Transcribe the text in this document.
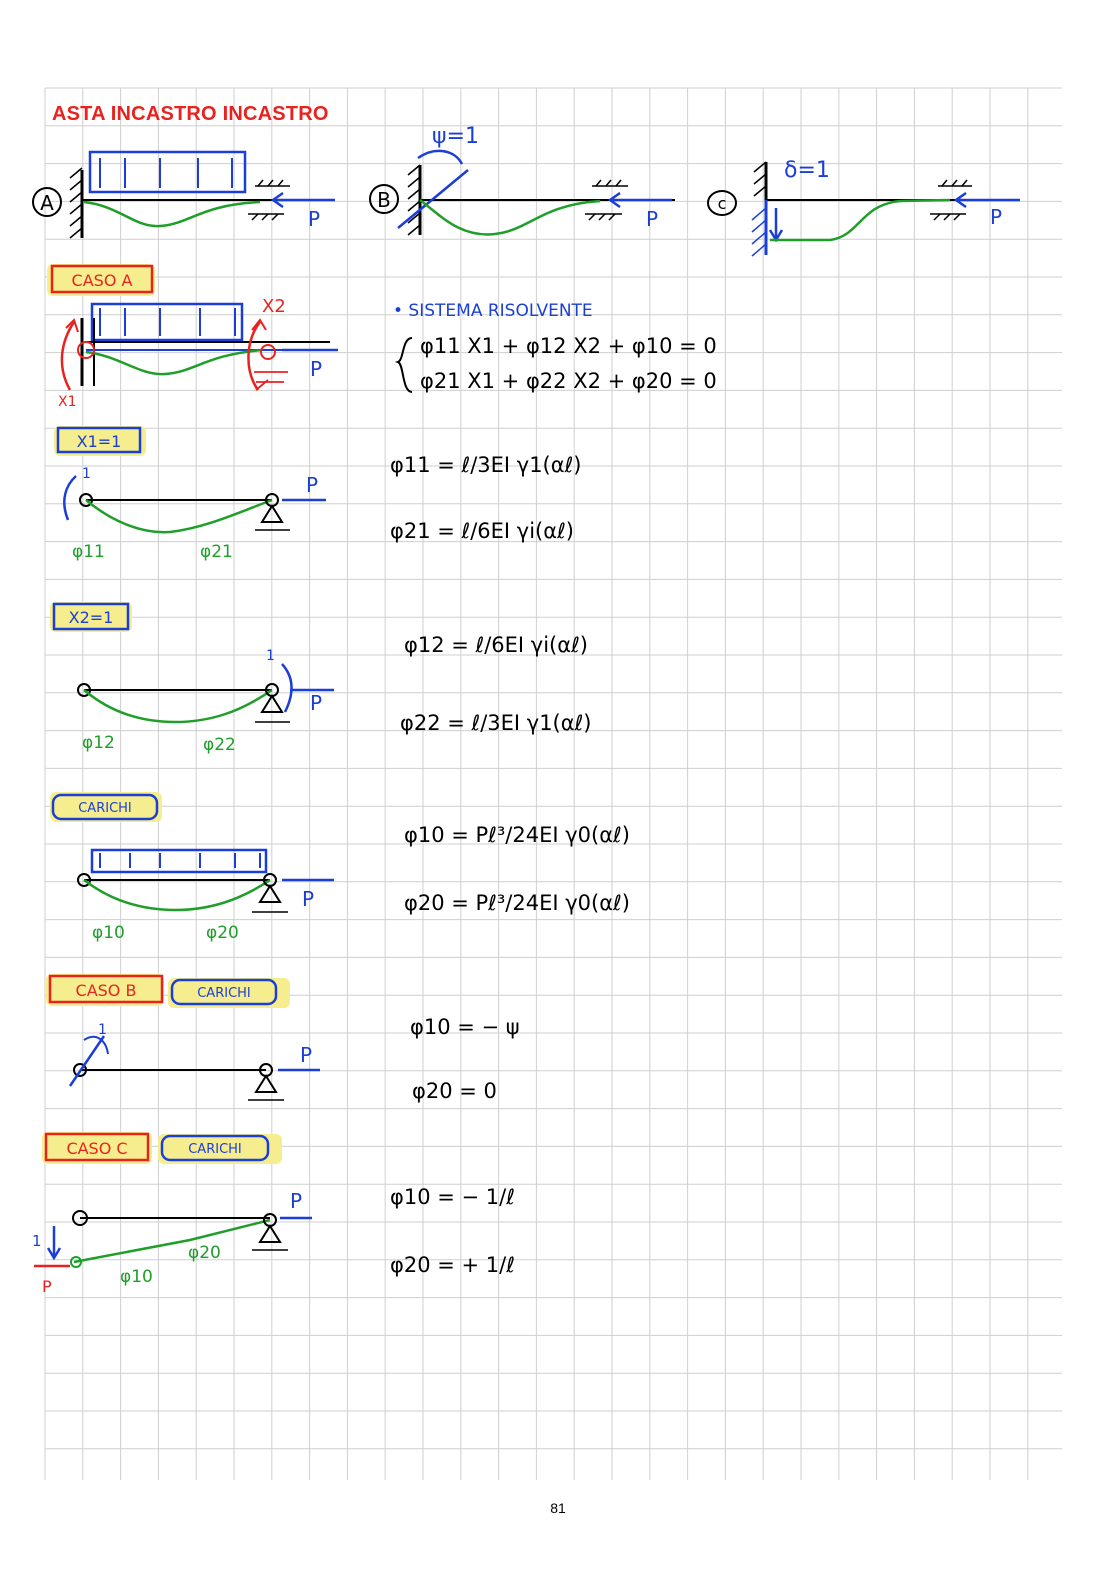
A
P
B
ψ=1
P
c
δ=1
P
CASO A
X1
X2
P
• SISTEMA RISOLVENTE
φ11 X1 + φ12 X2 + φ10 = 0
φ21 X1 + φ22 X2 + φ20 = 0
X1=1
1	P
φ11	φ21
φ11 = ℓ/3EI γ1(αℓ)
φ21 = ℓ/6EI γi(αℓ)
X2=1
1
P
φ12	φ22
φ12 = ℓ/6EI γi(αℓ)
φ22 = ℓ/3EI γ1(αℓ)
CARICHI
P
φ10	φ20
φ10 = Pℓ³/24EI γ0(αℓ)
φ20 = Pℓ³/24EI γ0(αℓ)
CASO B	CARICHI
1
P
φ10 = − ψ
φ20 = 0
CASO C	CARICHI
1
P
P
φ10
φ20
φ10 = − 1/ℓ
φ20 = + 1/ℓ
ASTA INCASTRO INCASTRO
81
